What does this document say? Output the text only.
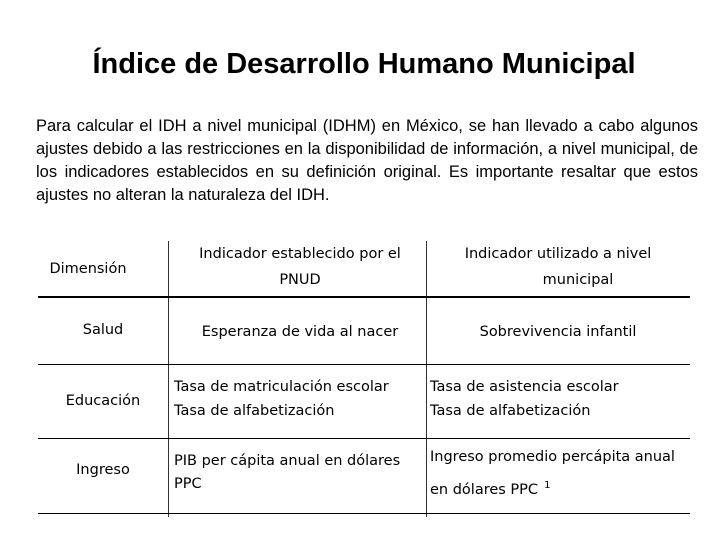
Índice de Desarrollo Humano Municipal

Para calcular el IDH a nivel municipal (IDHM) en México, se han llevado a cabo algunos ajustes debido a las restricciones en la disponibilidad de información, a nivel municipal, de los indicadores establecidos en su definición original. Es importante resaltar que estos ajustes no alteran la naturaleza del IDH.

Dimensión
Indicador establecido por el
PNUD
Indicador utilizado a nivel
municipal
Salud	Esperanza de vida al nacer	Sobrevivencia infantil
Educación
Tasa de matriculación escolar
Tasa de alfabetización
Tasa de asistencia escolar
Tasa de alfabetización
Ingreso
PIB per cápita anual en dólares
PPC
Ingreso promedio percápita anual
en dólares PPC $^1$
